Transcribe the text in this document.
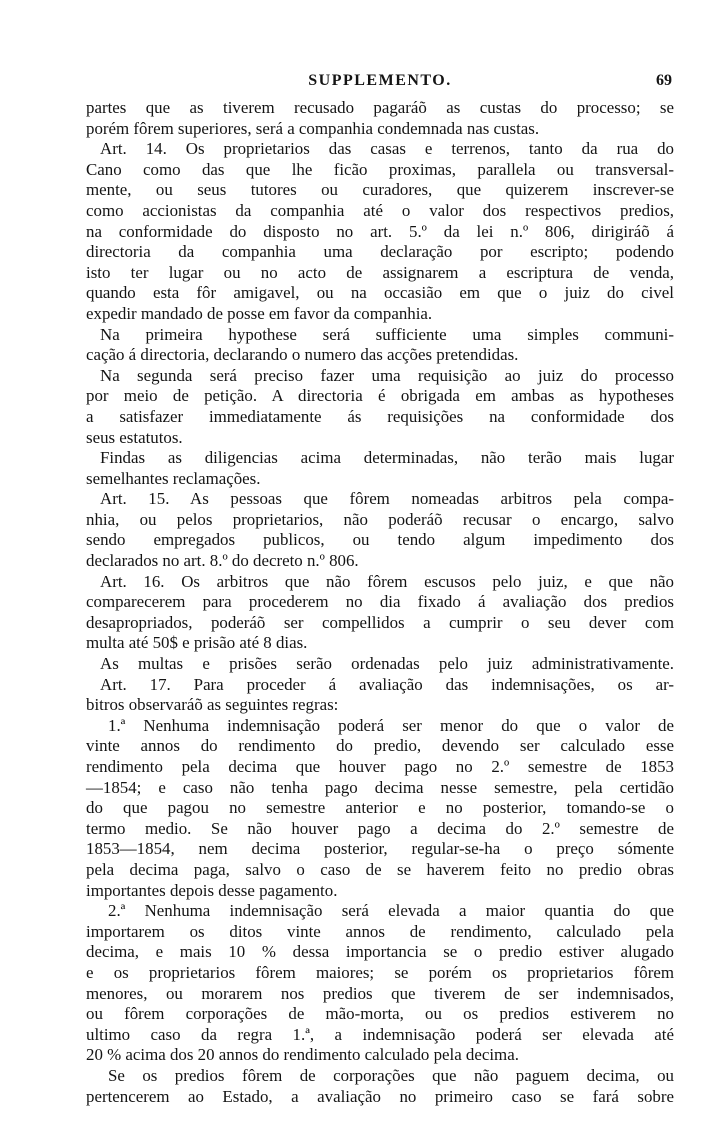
SUPPLEMENTO.	69
partes que as tiverem recusado pagaráõ as custas do processo; se
porém fôrem superiores, será a companhia condemnada nas custas.
Art. 14. Os proprietarios das casas e terrenos, tanto da rua do
Cano como das que lhe ficão proximas, parallela ou transversal-
mente, ou seus tutores ou curadores, que quizerem inscrever-se
como accionistas da companhia até o valor dos respectivos predios,
na conformidade do disposto no art. 5.º da lei n.º 806, dirigiráõ á
directoria da companhia uma declaração por escripto; podendo
isto ter lugar ou no acto de assignarem a escriptura de venda,
quando esta fôr amigavel, ou na occasião em que o juiz do civel
expedir mandado de posse em favor da companhia.
Na primeira hypothese será sufficiente uma simples communi-
cação á directoria, declarando o numero das acções pretendidas.
Na segunda será preciso fazer uma requisição ao juiz do processo
por meio de petição. A directoria é obrigada em ambas as hypotheses
a satisfazer immediatamente ás requisições na conformidade dos
seus estatutos.
Findas as diligencias acima determinadas, não terão mais lugar
semelhantes reclamações.
Art. 15. As pessoas que fôrem nomeadas arbitros pela compa-
nhia, ou pelos proprietarios, não poderáõ recusar o encargo, salvo
sendo empregados publicos, ou tendo algum impedimento dos
declarados no art. 8.º do decreto n.º 806.
Art. 16. Os arbitros que não fôrem escusos pelo juiz, e que não
comparecerem para procederem no dia fixado á avaliação dos predios
desapropriados, poderáõ ser compellidos a cumprir o seu dever com
multa até 50$ e prisão até 8 dias.
As multas e prisões serão ordenadas pelo juiz administrativamente.
Art. 17. Para proceder á avaliação das indemnisações, os ar-
bitros observaráõ as seguintes regras:
1.ª Nenhuma indemnisação poderá ser menor do que o valor de
vinte annos do rendimento do predio, devendo ser calculado esse
rendimento pela decima que houver pago no 2.º semestre de 1853
—1854; e caso não tenha pago decima nesse semestre, pela certidão
do que pagou no semestre anterior e no posterior, tomando-se o
termo medio. Se não houver pago a decima do 2.º semestre de
1853—1854, nem decima posterior, regular-se-ha o preço sómente
pela decima paga, salvo o caso de se haverem feito no predio obras
importantes depois desse pagamento.
2.ª Nenhuma indemnisação será elevada a maior quantia do que
importarem os ditos vinte annos de rendimento, calculado pela
decima, e mais 10 % dessa importancia se o predio estiver alugado
e os proprietarios fôrem maiores; se porém os proprietarios fôrem
menores, ou morarem nos predios que tiverem de ser indemnisados,
ou fôrem corporações de mão-morta, ou os predios estiverem no
ultimo caso da regra 1.ª, a indemnisação poderá ser elevada até
20 % acima dos 20 annos do rendimento calculado pela decima.
Se os predios fôrem de corporações que não paguem decima, ou
pertencerem ao Estado, a avaliação no primeiro caso se fará sobre
